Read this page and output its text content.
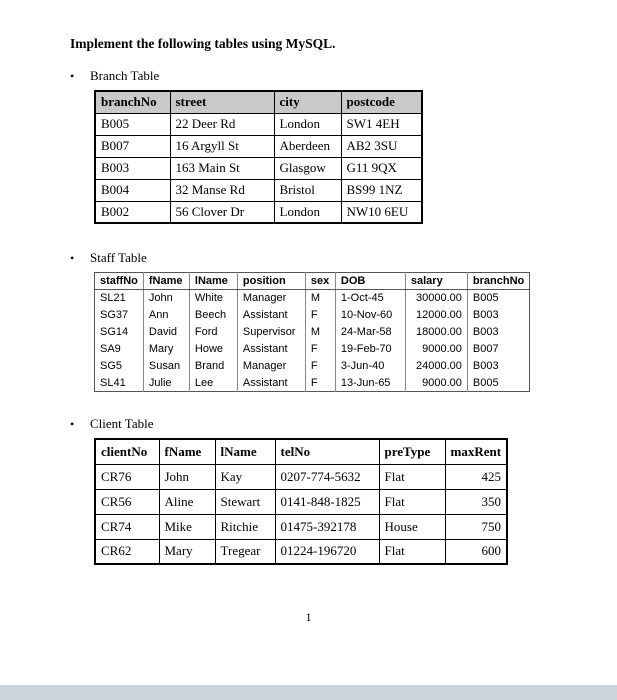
Implement the following tables using MySQL.
•	Branch Table
branchNo	street	city	postcode
B005	22 Deer Rd	London	SW1 4EH
B007	16 Argyll St	Aberdeen	AB2 3SU
B003	163 Main St	Glasgow	G11 9QX
B004	32 Manse Rd	Bristol	BS99 1NZ
B002	56 Clover Dr	London	NW10 6EU
•	Staff Table
staffNo	fName	lName	position	sex	DOB	salary	branchNo
SL21	John	White	Manager	M	1-Oct-45	30000.00	B005
SG37	Ann	Beech	Assistant	F	10-Nov-60	12000.00	B003
SG14	David	Ford	Supervisor	M	24-Mar-58	18000.00	B003
SA9	Mary	Howe	Assistant	F	19-Feb-70	9000.00	B007
SG5	Susan	Brand	Manager	F	3-Jun-40	24000.00	B003
SL41	Julie	Lee	Assistant	F	13-Jun-65	9000.00	B005
•	Client Table
clientNo	fName	lName	telNo	preType	maxRent
CR76	John	Kay	0207-774-5632	Flat	425
CR56	Aline	Stewart	0141-848-1825	Flat	350
CR74	Mike	Ritchie	01475-392178	House	750
CR62	Mary	Tregear	01224-196720	Flat	600
1
